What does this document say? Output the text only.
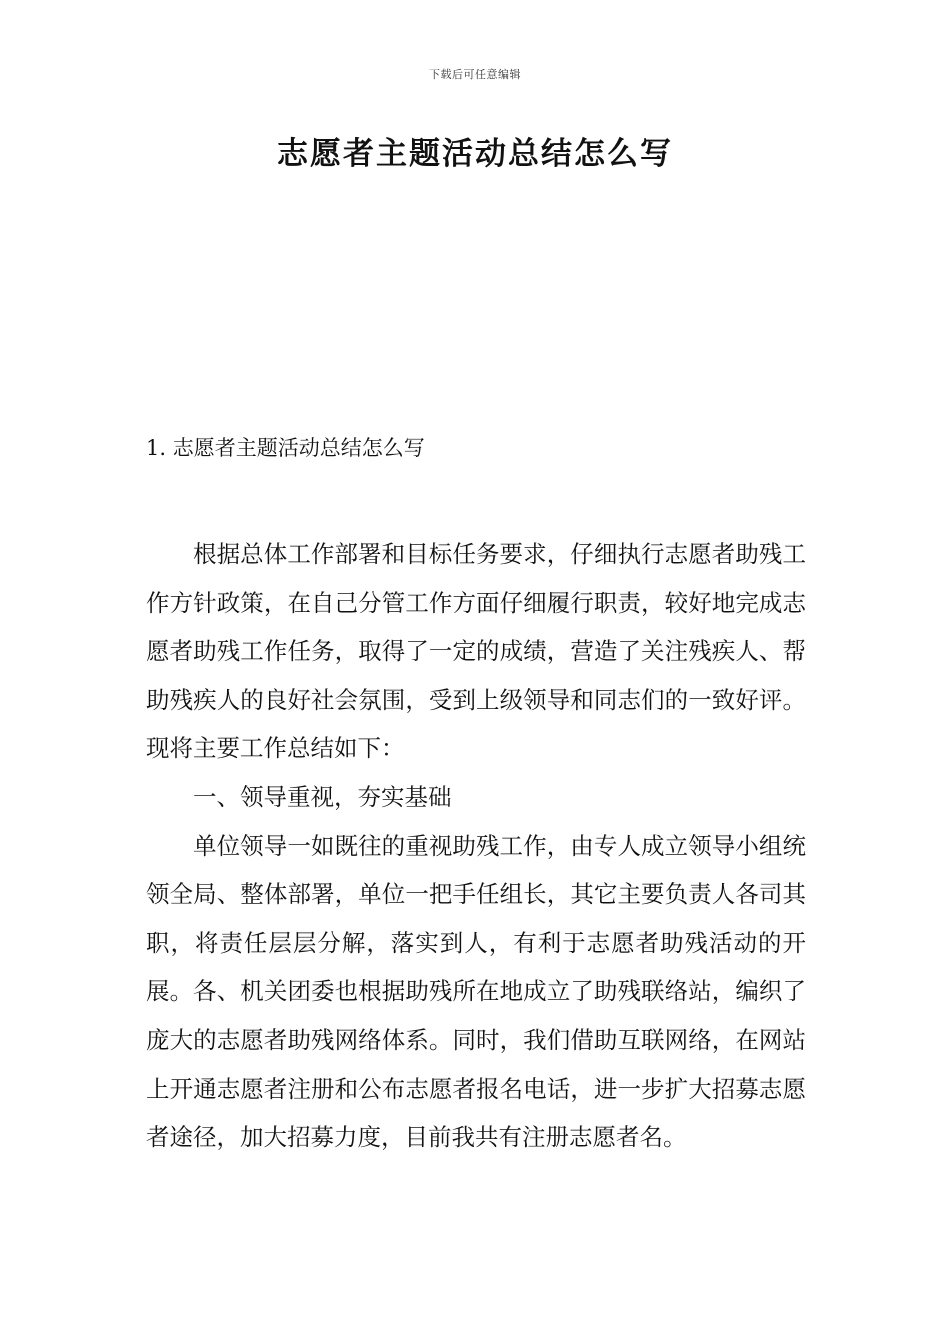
下载后可任意编辑
志愿者主题活动总结怎么写
1. 志愿者主题活动总结怎么写

根据总体工作部署和目标任务要求，仔细执行志愿者助残工作方针政策，在自己分管工作方面仔细履行职责，较好地完成志愿者助残工作任务，取得了一定的成绩，营造了关注残疾人、帮助残疾人的良好社会氛围，受到上级领导和同志们的一致好评。现将主要工作总结如下：

一、领导重视，夯实基础

单位领导一如既往的重视助残工作，由专人成立领导小组统领全局、整体部署，单位一把手任组长，其它主要负责人各司其职，将责任层层分解，落实到人，有利于志愿者助残活动的开展。各、机关团委也根据助残所在地成立了助残联络站，编织了庞大的志愿者助残网络体系。同时，我们借助互联网络，在网站上开通志愿者注册和公布志愿者报名电话，进一步扩大招募志愿者途径，加大招募力度，目前我共有注册志愿者名。
